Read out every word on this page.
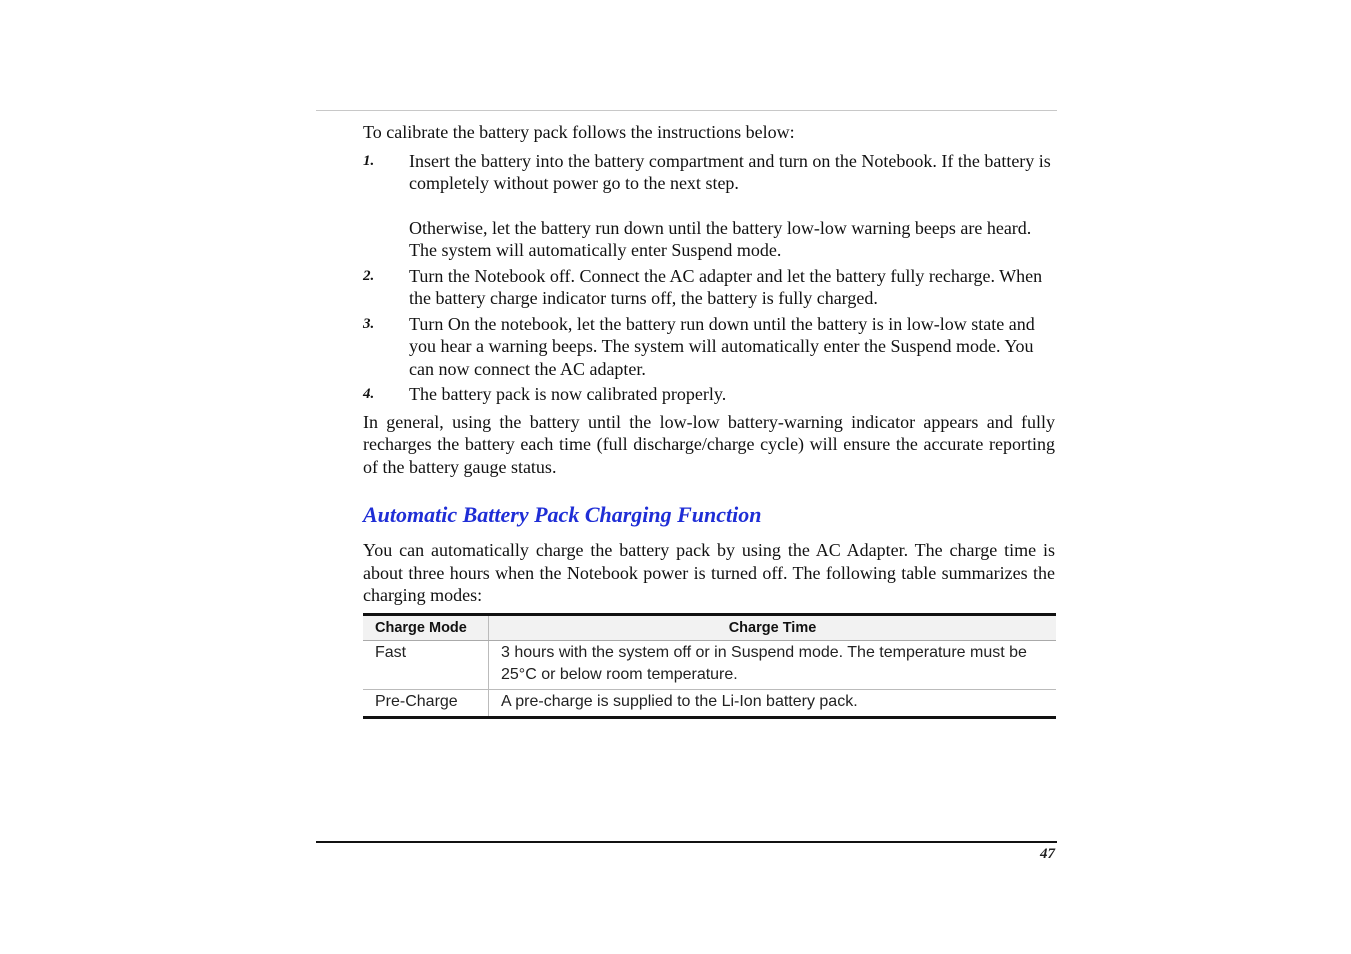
To calibrate the battery pack follows the instructions below:

1. Insert the battery into the battery compartment and turn on the Notebook. If the battery is completely without power go to the next step.

Otherwise, let the battery run down until the battery low-low warning beeps are heard.

The system will automatically enter Suspend mode.

2. Turn the Notebook off. Connect the AC adapter and let the battery fully recharge. When the battery charge indicator turns off, the battery is fully charged.

3. Turn On the notebook, let the battery run down until the battery is in low-low state and you hear a warning beeps. The system will automatically enter the Suspend mode. You can now connect the AC adapter.

4. The battery pack is now calibrated properly.

In general, using the battery until the low-low battery-warning indicator appears and fully recharges the battery each time (full discharge/charge cycle) will ensure the accurate reporting of the battery gauge status.

Automatic Battery Pack Charging Function

You can automatically charge the battery pack by using the AC Adapter. The charge time is about three hours when the Notebook power is turned off. The following table summarizes the charging modes:

Charge Mode	Charge Time
Fast	3 hours with the system off or in Suspend mode. The temperature must be 25°C or below room temperature.
Pre-Charge	A pre-charge is supplied to the Li-Ion battery pack.
47
